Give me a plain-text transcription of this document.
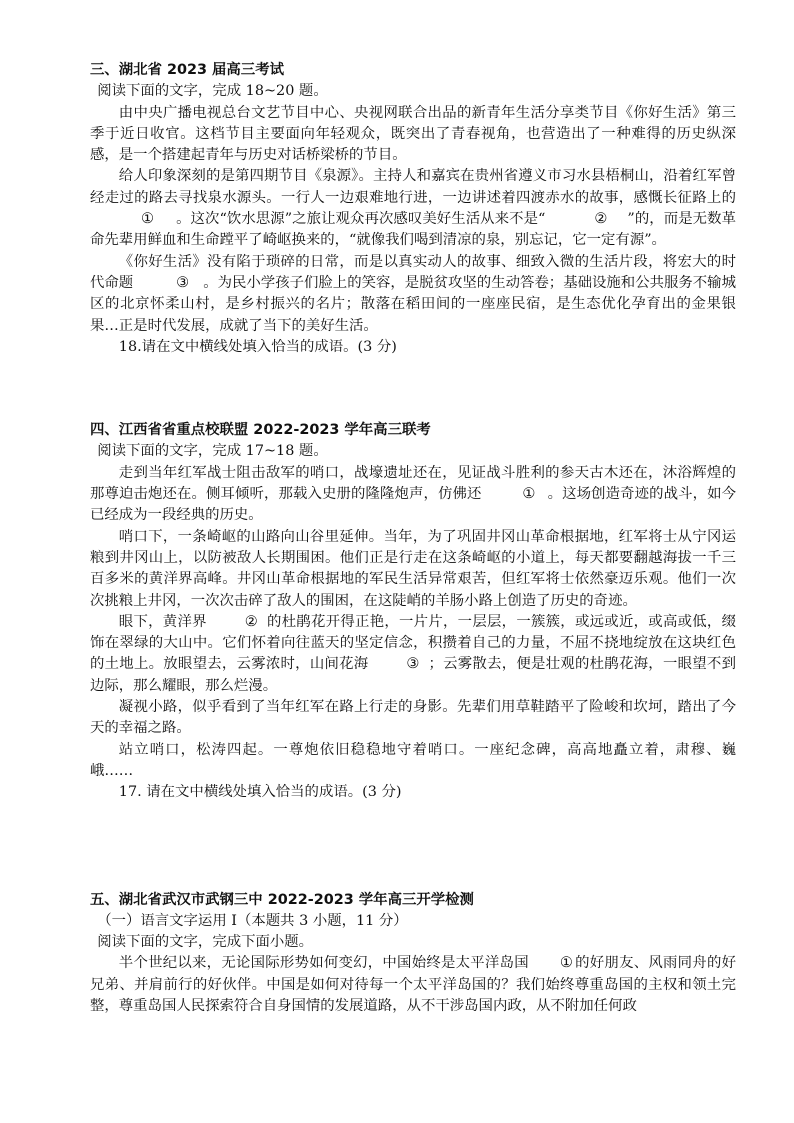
三、湖北省 2023 届高三考试

阅读下面的文字，完成 18~20 题。

由中央广播电视总台文艺节目中心、央视网联合出品的新青年生活分享类节目《你好生活》第三季于近日收官。这档节目主要面向年轻观众，既突出了青春视角，也营造出了一种难得的历史纵深感，是一个搭建起青年与历史对话桥梁桥的节目。

给人印象深刻的是第四期节目《泉源》。主持人和嘉宾在贵州省遵义市习水县梧桐山，沿着红军曾经走过的路去寻找泉水源头。一行人一边艰难地行进，一边讲述着四渡赤水的故事，感慨长征路上的① 。这次“饮水思源”之旅让观众再次感叹美好生活从来不是“	② ”的，而是无数革命先辈用鲜血和生命蹚平了崎岖换来的，“就像我们喝到清凉的泉，别忘记，它一定有源”。

《你好生活》没有陷于琐碎的日常，而是以真实动人的故事、细致入微的生活片段，将宏大的时代命题	③ 。为民小学孩子们脸上的笑容，是脱贫攻坚的生动答卷；基础设施和公共服务不输城区的北京怀柔山村，是乡村振兴的名片；散落在稻田间的一座座民宿，是生态优化孕育出的金果银果…正是时代发展，成就了当下的美好生活。

18.请在文中横线处填入恰当的成语。(3 分)

四、江西省省重点校联盟 2022-2023 学年高三联考

阅读下面的文字，完成 17~18 题。

走到当年红军战士阻击敌军的哨口，战壕遗址还在，见证战斗胜利的参天古木还在，沐浴辉煌的那尊迫击炮还在。侧耳倾听，那载入史册的隆隆炮声，仿佛还	① 。这场创造奇迹的战斗，如今已经成为一段经典的历史。

哨口下，一条崎岖的山路向山谷里延伸。当年，为了巩固井冈山革命根据地，红军将士从宁冈运粮到井冈山上，以防被敌人长期围困。他们正是行走在这条崎岖的小道上，每天都要翻越海拔一千三百多米的黄洋界高峰。井冈山革命根据地的军民生活异常艰苦，但红军将士依然豪迈乐观。他们一次次挑粮上井冈，一次次击碎了敌人的围困，在这陡峭的羊肠小路上创造了历史的奇迹。

眼下，黄洋界	② 的杜鹃花开得正艳，一片片，一层层，一簇簇，或远或近，或高或低，缀饰在翠绿的大山中。它们怀着向往蓝天的坚定信念，积攒着自己的力量，不屈不挠地绽放在这块红色的土地上。放眼望去，云雾浓时，山间花海	③ ；云雾散去，便是壮观的杜鹃花海，一眼望不到边际，那么耀眼，那么烂漫。

凝视小路，似乎看到了当年红军在路上行走的身影。先辈们用草鞋踏平了险峻和坎坷，踏出了今天的幸福之路。

站立哨口，松涛四起。一尊炮依旧稳稳地守着哨口。一座纪念碑，高高地矗立着，肃穆、巍峨……

17. 请在文中横线处填入恰当的成语。(3 分)

五、湖北省武汉市武钢三中 2022-2023 学年高三开学检测

（一）语言文字运用 I（本题共 3 小题，11 分）

阅读下面的文字，完成下面小题。

半个世纪以来，无论国际形势如何变幻，中国始终是太平洋岛国 ① 的好朋友、风雨同舟的好兄弟、并肩前行的好伙伴。中国是如何对待每一个太平洋岛国的？我们始终尊重岛国的主权和领土完整，尊重岛国人民探索符合自身国情的发展道路，从不干涉岛国内政，从不附加任何政
